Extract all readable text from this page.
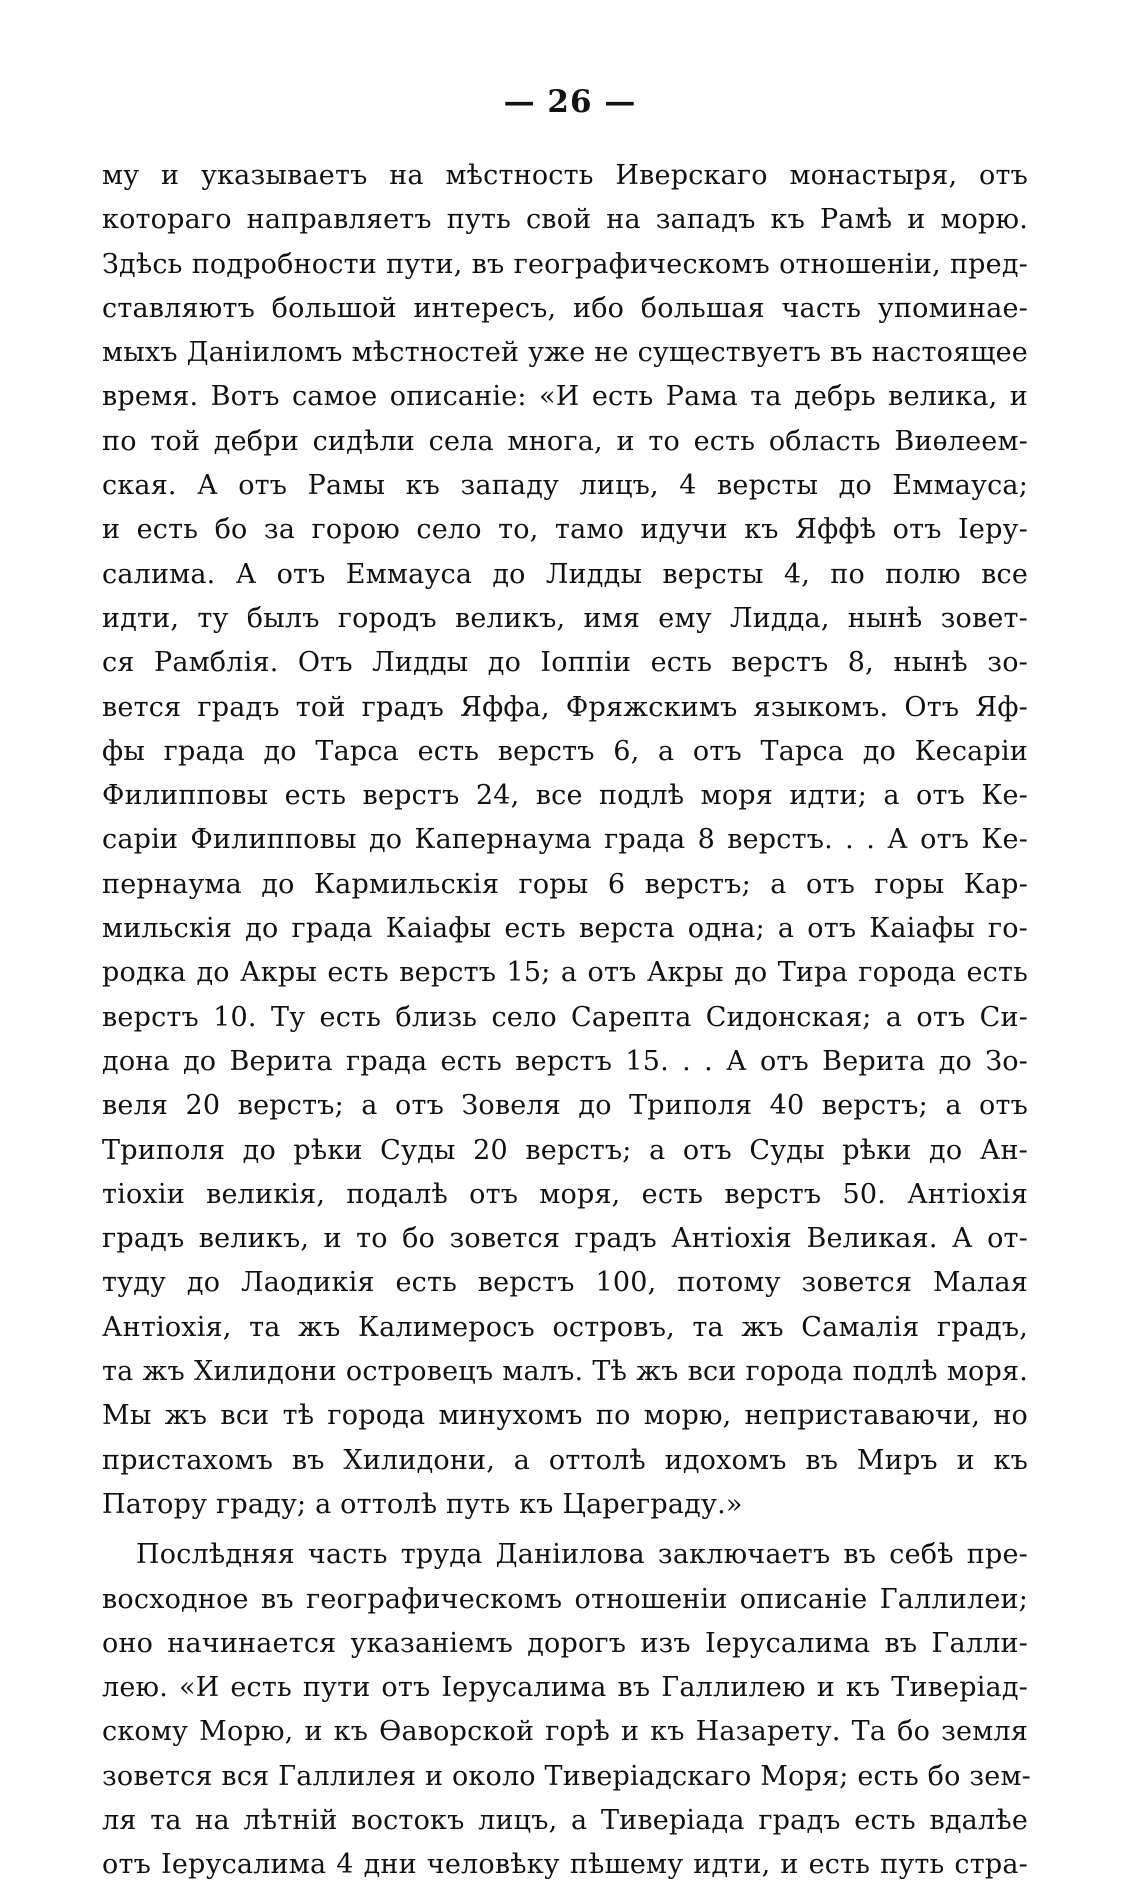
— 26 —
му и указываетъ на мѣстность Иверскаго монастыря, отъ
котораго направляетъ путь свой на западъ къ Рамѣ и морю.
Здѣсь подробности пути, въ географическомъ отношеніи, пред-
ставляютъ большой интересъ, ибо большая часть упоминае-
мыхъ Даніиломъ мѣстностей уже не существуетъ въ настоящее
время. Вотъ самое описаніе: «И есть Рама та дебрь велика, и
по той дебри сидѣли села многа, и то есть область Виѳлеем-
ская. А отъ Рамы къ западу лицъ, 4 версты до Еммауса;
и есть бо за горою село то, тамо идучи къ Яффѣ отъ Іеру-
салима. А отъ Еммауса до Лидды версты 4, по полю все
идти, ту былъ городъ великъ, имя ему Лидда, нынѣ зовет-
ся Рамблія. Отъ Лидды до Іоппіи есть верстъ 8, нынѣ зо-
вется градъ той градъ Яффа, Фряжскимъ языкомъ. Отъ Яф-
фы града до Тарса есть верстъ 6, а отъ Тарса до Кесаріи
Филипповы есть верстъ 24, все подлѣ моря идти; а отъ Ке-
саріи Филипповы до Капернаума града 8 верстъ. . . А отъ Ке-
пернаума до Кармильскія горы 6 верстъ; а отъ горы Кар-
мильскія до града Каіафы есть верста одна; а отъ Каіафы го-
родка до Акры есть верстъ 15; а отъ Акры до Тира города есть
верстъ 10. Ту есть близь село Сарепта Сидонская; а отъ Си-
дона до Верита града есть верстъ 15. . . А отъ Верита до Зо-
веля 20 верстъ; а отъ Зовеля до Триполя 40 верстъ; а отъ
Триполя до рѣки Суды 20 верстъ; а отъ Суды рѣки до Ан-
тіохіи великія, подалѣ отъ моря, есть верстъ 50. Антіохія
градъ великъ, и то бо зовется градъ Антіохія Великая. А от-
туду до Лаодикія есть верстъ 100, потому зовется Малая
Антіохія, та жъ Калимеросъ островъ, та жъ Самалія градъ,
та жъ Хилидони островецъ малъ. Тѣ жъ вси города подлѣ моря.
Мы жъ вси тѣ города минухомъ по морю, неприставаючи, но
пристахомъ въ Хилидони, а оттолѣ идохомъ въ Миръ и къ
Патору граду; а оттолѣ путь къ Цареграду.»
Послѣдняя часть труда Даніилова заключаетъ въ себѣ пре-
восходное въ географическомъ отношеніи описаніе Галлилеи;
оно начинается указаніемъ дорогъ изъ Іерусалима въ Галли-
лею. «И есть пути отъ Іерусалима въ Галлилею и къ Тиверіад-
скому Морю, и къ Ѳаворской горѣ и къ Назарету. Та бо земля
зовется вся Галлилея и около Тиверіадскаго Моря; есть бо зем-
ля та на лѣтній востокъ лицъ, а Тиверіада градъ есть вдалѣе
отъ Іерусалима 4 дни человѣку пѣшему идти, и есть путь стра-
